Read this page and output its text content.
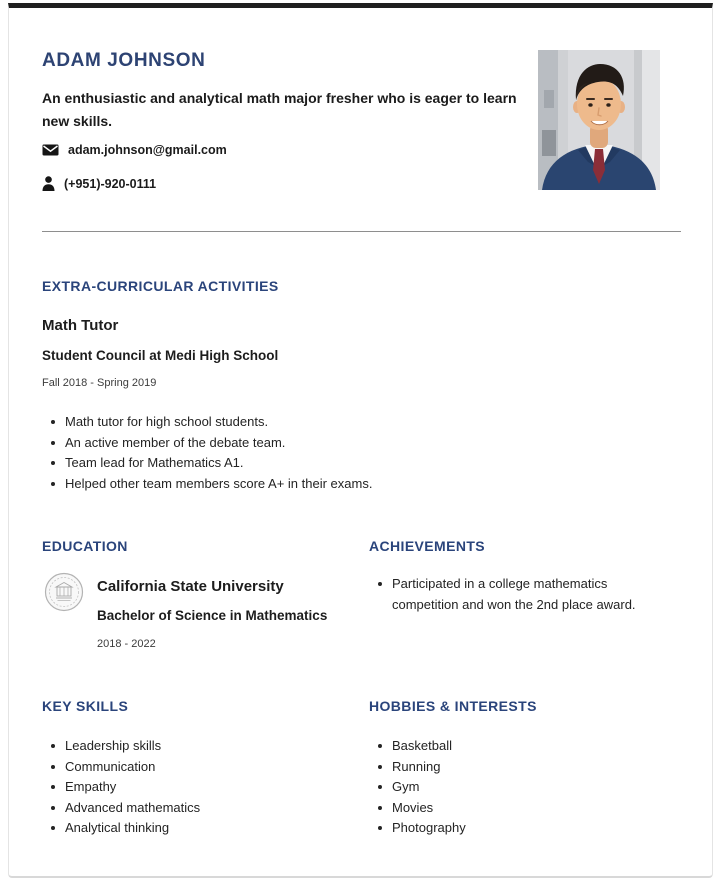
ADAM JOHNSON
An enthusiastic and analytical math major fresher who is eager to learn new skills.
adam.johnson@gmail.com
(+951)-920-0111
EXTRA-CURRICULAR ACTIVITIES
Math Tutor
Student Council at Medi High School
Fall 2018 - Spring 2019
Math tutor for high school students.
An active member of the debate team.
Team lead for Mathematics A1.
Helped other team members score A+ in their exams.
EDUCATION
California State University
Bachelor of Science in Mathematics
2018 - 2022
ACHIEVEMENTS
Participated in a college mathematics competition and won the 2nd place award.
KEY SKILLS
Leadership skills
Communication
Empathy
Advanced mathematics
Analytical thinking
HOBBIES & INTERESTS
Basketball
Running
Gym
Movies
Photography
